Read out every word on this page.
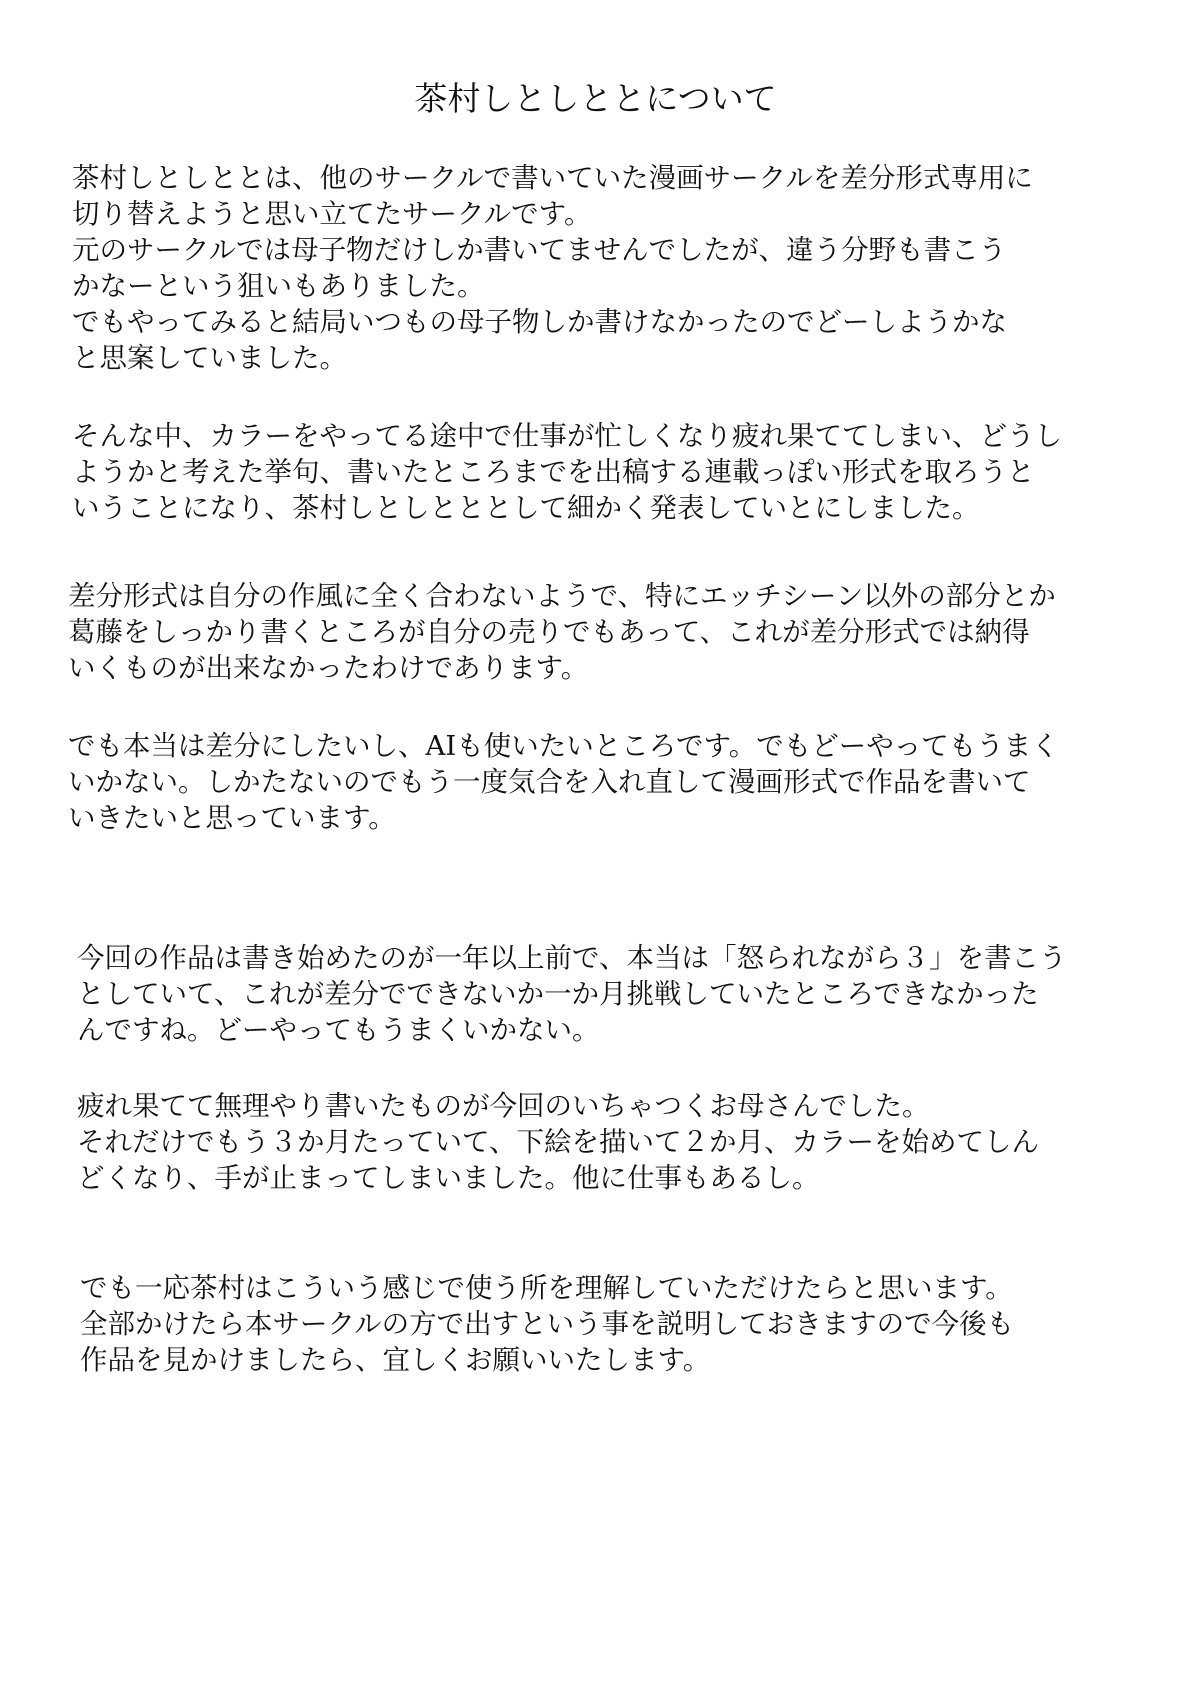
茶村しとしととについて
茶村しとしととは、他のサークルで書いていた漫画サークルを差分形式専用に
切り替えようと思い立てたサークルです。
元のサークルでは母子物だけしか書いてませんでしたが、違う分野も書こう
かなーという狙いもありました。
でもやってみると結局いつもの母子物しか書けなかったのでどーしようかな
と思案していました。
そんな中、カラーをやってる途中で仕事が忙しくなり疲れ果ててしまい、どうし
ようかと考えた挙句、書いたところまでを出稿する連載っぽい形式を取ろうと
いうことになり、茶村しとしとととして細かく発表していとにしました。
差分形式は自分の作風に全く合わないようで、特にエッチシーン以外の部分とか
葛藤をしっかり書くところが自分の売りでもあって、これが差分形式では納得
いくものが出来なかったわけであります。
でも本当は差分にしたいし、AIも使いたいところです。でもどーやってもうまく
いかない。しかたないのでもう一度気合を入れ直して漫画形式で作品を書いて
いきたいと思っています。
今回の作品は書き始めたのが一年以上前で、本当は「怒られながら３」を書こう
としていて、これが差分でできないか一か月挑戦していたところできなかった
んですね。どーやってもうまくいかない。
疲れ果てて無理やり書いたものが今回のいちゃつくお母さんでした。
それだけでもう３か月たっていて、下絵を描いて２か月、カラーを始めてしん
どくなり、手が止まってしまいました。他に仕事もあるし。
でも一応茶村はこういう感じで使う所を理解していただけたらと思います。
全部かけたら本サークルの方で出すという事を説明しておきますので今後も
作品を見かけましたら、宜しくお願いいたします。
